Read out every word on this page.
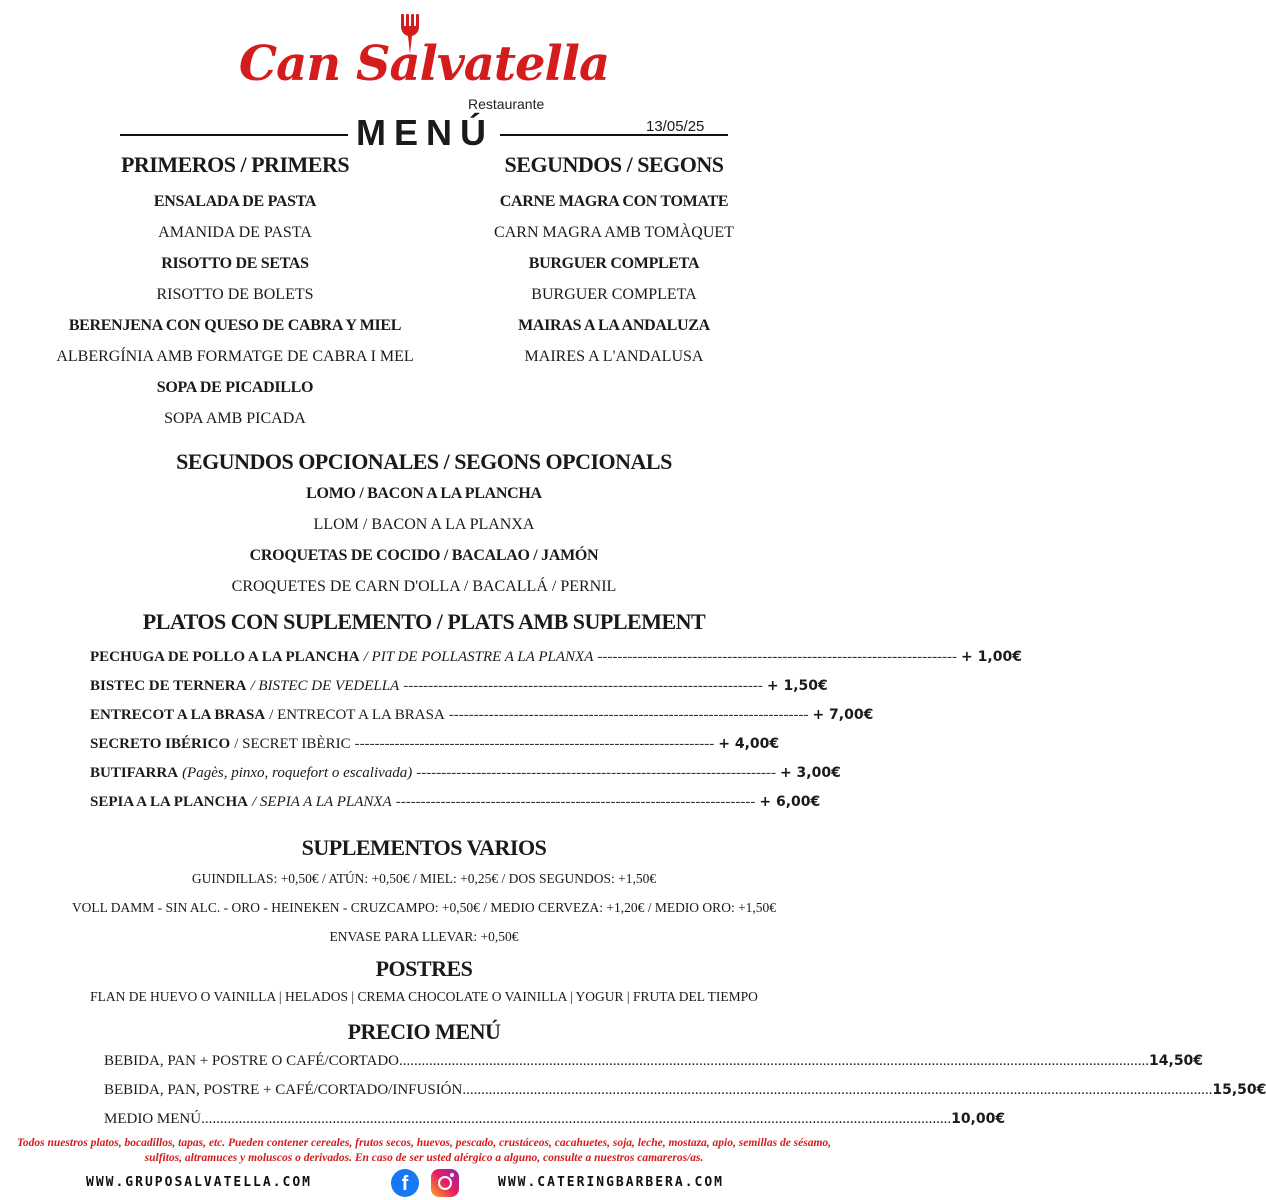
Can Salvatella
Restaurante
MENÚ	13/05/25
PRIMEROS / PRIMERS
ENSALADA DE PASTA
AMANIDA DE PASTA
RISOTTO DE SETAS
RISOTTO DE BOLETS
BERENJENA CON QUESO DE CABRA Y MIEL
ALBERGÍNIA AMB FORMATGE DE CABRA I MEL
SOPA DE PICADILLO
SOPA AMB PICADA
SEGUNDOS / SEGONS
CARNE MAGRA CON TOMATE
CARN MAGRA AMB TOMÀQUET
BURGUER COMPLETA
BURGUER COMPLETA
MAIRAS A LA ANDALUZA
MAIRES A L'ANDALUSA
SEGUNDOS OPCIONALES / SEGONS OPCIONALS
LOMO / BACON A LA PLANCHA
LLOM / BACON A LA PLANXA
CROQUETAS DE COCIDO / BACALAO / JAMÓN
CROQUETES DE CARN D'OLLA / BACALLÁ / PERNIL
PLATOS CON SUPLEMENTO / PLATS AMB SUPLEMENT
PECHUGA DE POLLO A LA PLANCHA / PIT DE POLLASTRE A LA PLANXA ------------------------------------------------------------------------ + 1,00€
BISTEC DE TERNERA / BISTEC DE VEDELLA ------------------------------------------------------------------------ + 1,50€
ENTRECOT A LA BRASA / ENTRECOT A LA BRASA ------------------------------------------------------------------------ + 7,00€
SECRETO IBÉRICO / SECRET IBÈRIC ------------------------------------------------------------------------ + 4,00€
BUTIFARRA (Pagès, pinxo, roquefort o escalivada) ------------------------------------------------------------------------ + 3,00€
SEPIA A LA PLANCHA / SEPIA A LA PLANXA ------------------------------------------------------------------------ + 6,00€
SUPLEMENTOS VARIOS
GUINDILLAS: +0,50€ / ATÚN: +0,50€ / MIEL: +0,25€ / DOS SEGUNDOS: +1,50€
VOLL DAMM - SIN ALC. - ORO - HEINEKEN - CRUZCAMPO: +0,50€ / MEDIO CERVEZA: +1,20€ / MEDIO ORO: +1,50€
ENVASE PARA LLEVAR: +0,50€
POSTRES
FLAN DE HUEVO O VAINILLA | HELADOS | CREMA CHOCOLATE O VAINILLA | YOGUR | FRUTA DEL TIEMPO
PRECIO MENÚ
BEBIDA, PAN + POSTRE O CAFÉ/CORTADO ........................................................................................................................................................................................................ 14,50€
BEBIDA, PAN, POSTRE + CAFÉ/CORTADO/INFUSIÓN ........................................................................................................................................................................................................ 15,50€
MEDIO MENÚ ........................................................................................................................................................................................................ 10,00€
Todos nuestros platos, bocadillos, tapas, etc. Pueden contener cereales, frutos secos, huevos, pescado, crustáceos, cacahuetes, soja, leche, mostaza, apio, semillas de sésamo, sulfitos, altramuces y moluscos o derivados. En caso de ser usted alérgico a alguno, consulte a nuestros camareros/as.
WWW.GRUPOSALVATELLA.COM	f	WWW.CATERINGBARBERA.COM
